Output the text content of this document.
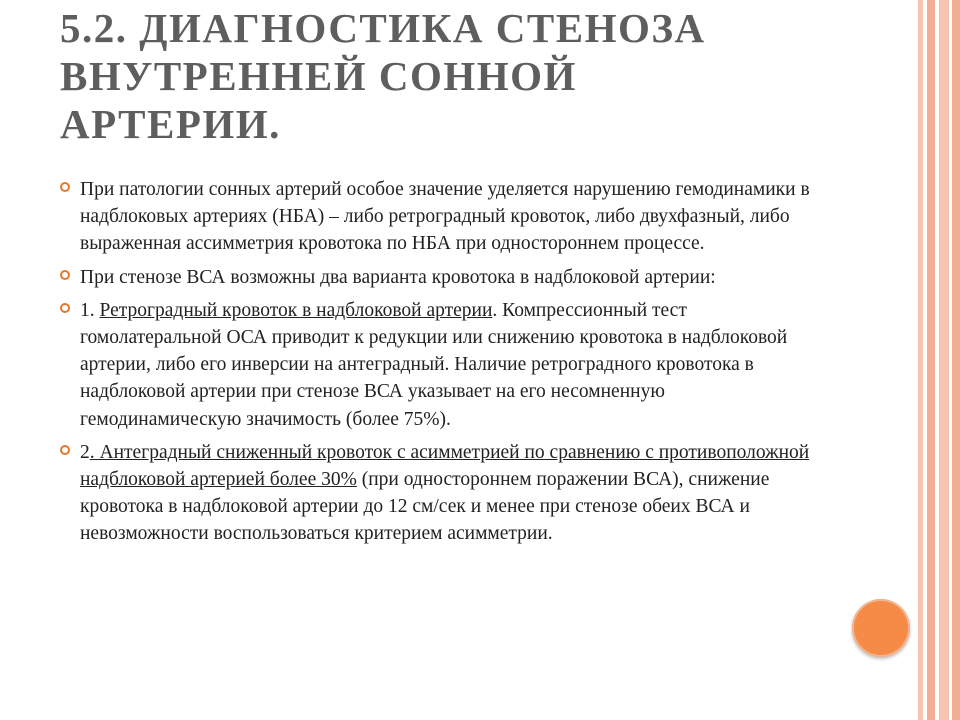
5.2. ДИАГНОСТИКА СТЕНОЗА
ВНУТРЕННЕЙ СОННОЙ
АРТЕРИИ.
При патологии сонных артерий особое значение уделяется нарушению гемодинамики в надблоковых артериях (НБА) – либо ретроградный кровоток, либо двухфазный, либо выраженная ассимметрия кровотока по НБА при одностороннем процессе.
При стенозе ВСА возможны два варианта кровотока в надблоковой артерии:
1. Ретроградный кровоток в надблоковой артерии. Компрессионный тест гомолатеральной ОСА приводит к редукции или снижению кровотока в надблоковой артерии, либо его инверсии на антеградный. Наличие ретроградного кровотока в надблоковой артерии при стенозе ВСА указывает на его несомненную гемодинамическую значимость (более 75%).
2. Антеградный сниженный кровоток с асимметрией по сравнению с противоположной надблоковой артерией более 30% (при одностороннем поражении ВСА), снижение кровотока в надблоковой артерии до 12 см/сек и менее при стенозе обеих ВСА и невозможности воспользоваться критерием асимметрии.
